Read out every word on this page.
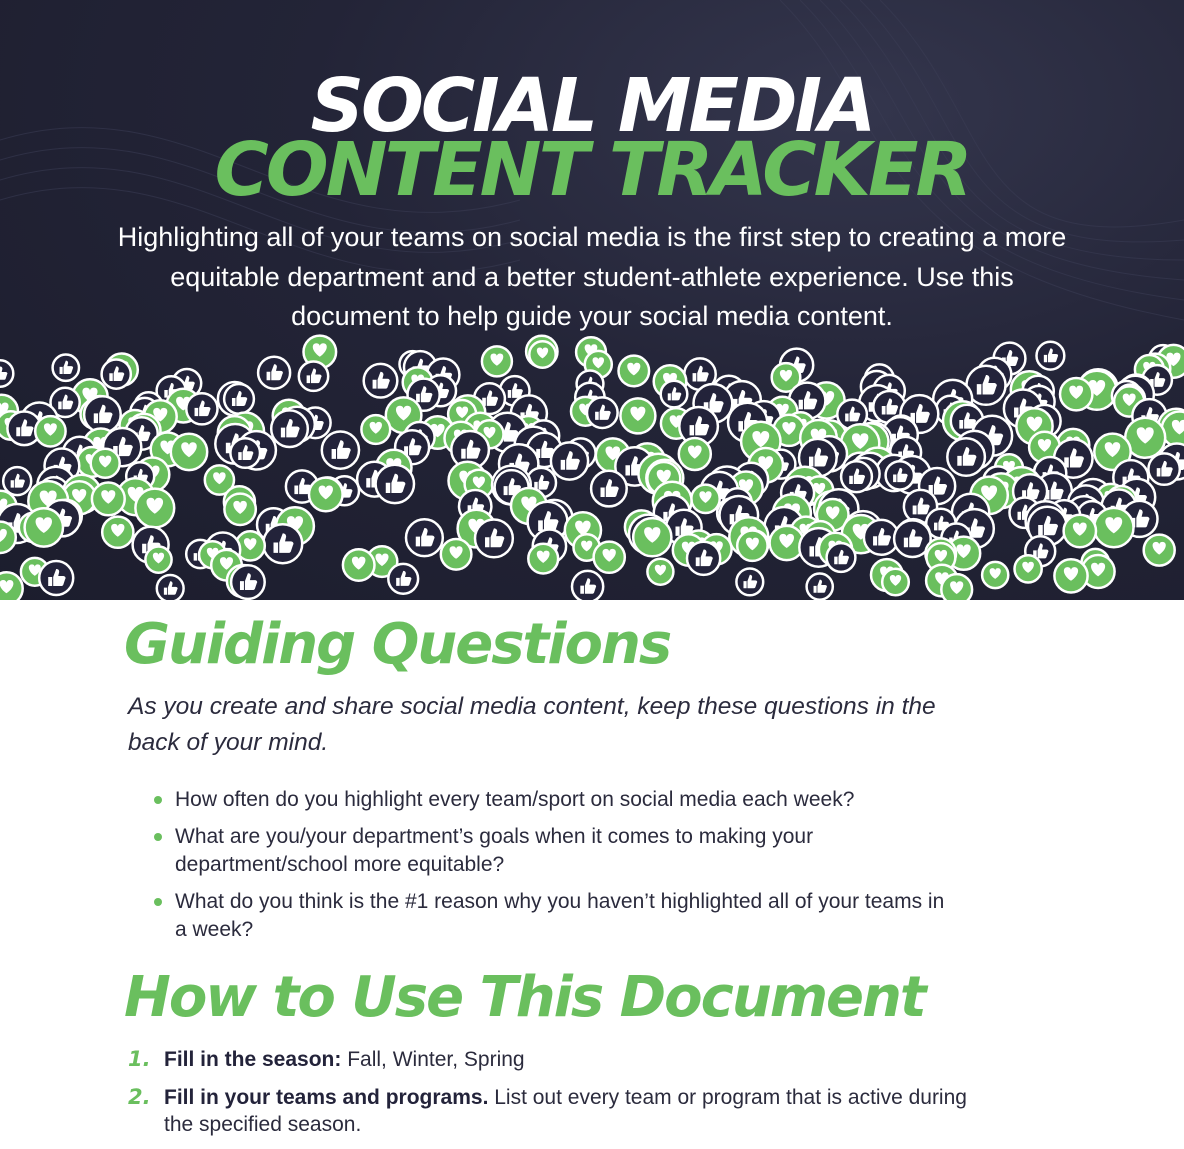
SOCIAL MEDIA
CONTENT TRACKER

Highlighting all of your teams on social media is the first step to creating a more equitable department and a better student-athlete experience. Use this document to help guide your social media content.

Guiding Questions

As you create and share social media content, keep these questions in the back of your mind.

How often do you highlight every team/sport on social media each week?
What are you/your department’s goals when it comes to making your department/school more equitable?
What do you think is the #1 reason why you haven’t highlighted all of your teams in a week?
How to Use This Document
1. Fill in the season: Fall, Winter, Spring
2. Fill in your teams and programs. List out every team or program that is active during the specified season.
